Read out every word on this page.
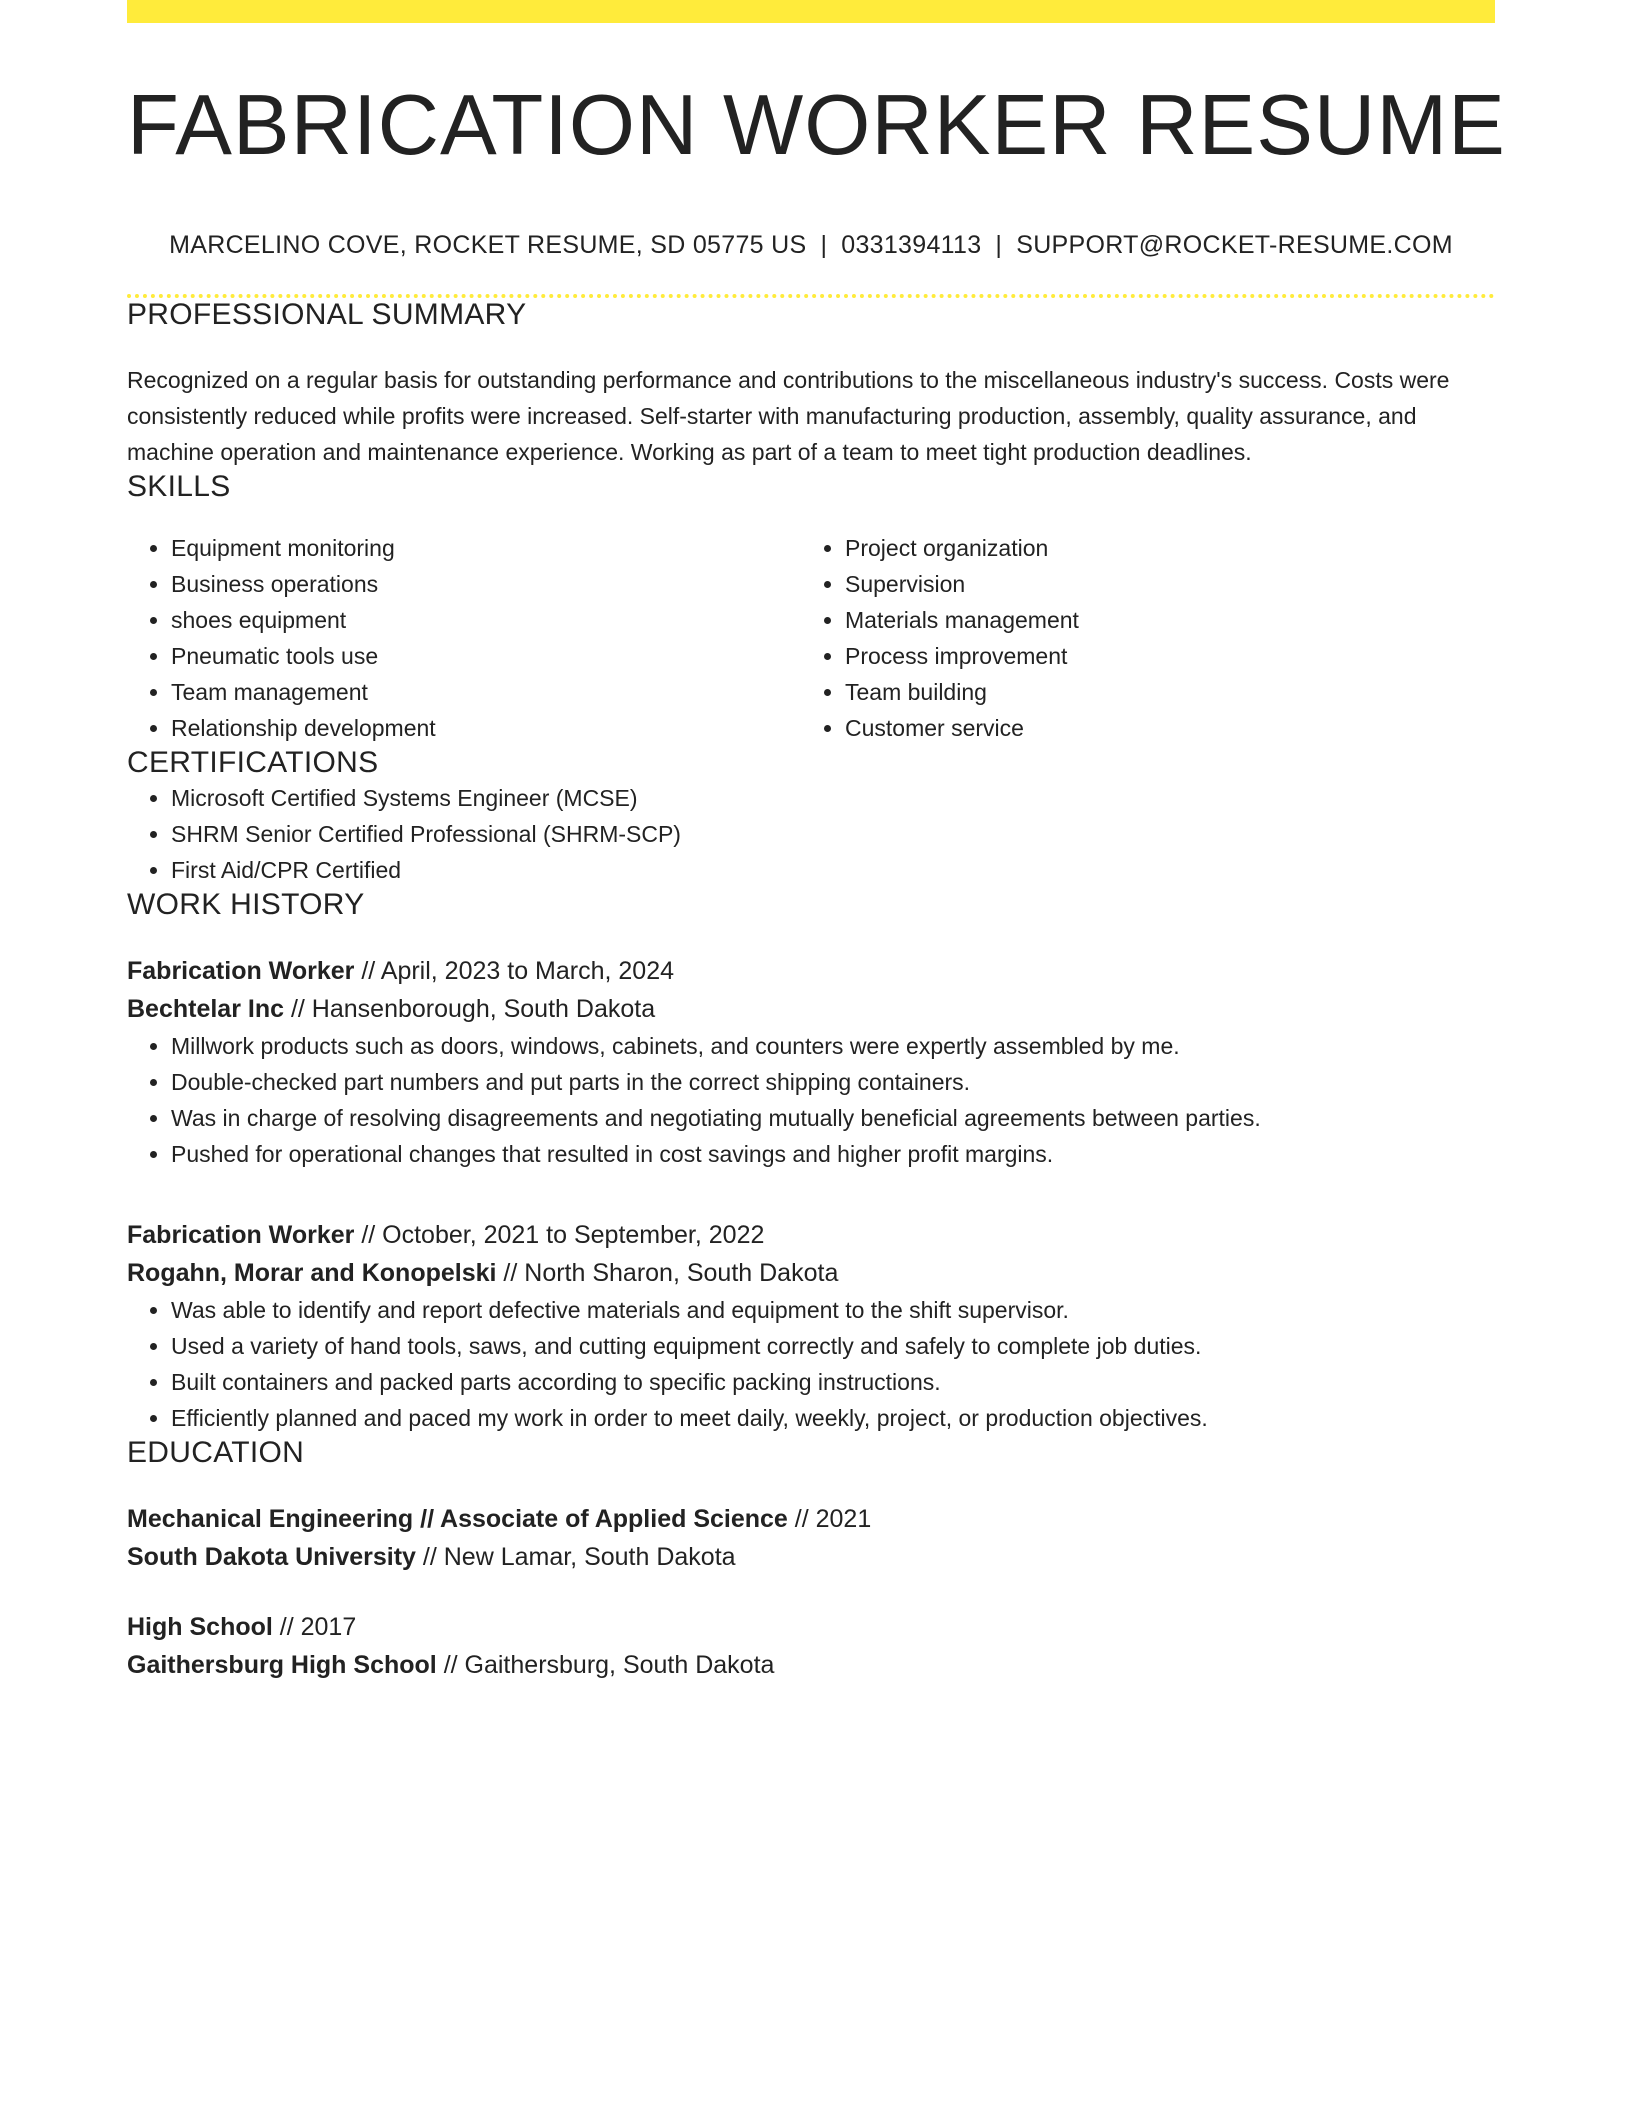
FABRICATION WORKER RESUME
MARCELINO COVE, ROCKET RESUME, SD 05775 US | 0331394113 | SUPPORT@ROCKET-RESUME.COM
PROFESSIONAL SUMMARY

Recognized on a regular basis for outstanding performance and contributions to the miscellaneous industry's success. Costs were consistently reduced while profits were increased. Self-starter with manufacturing production, assembly, quality assurance, and machine operation and maintenance experience. Working as part of a team to meet tight production deadlines.

SKILLS
• Equipment monitoring
• Business operations
• shoes equipment
• Pneumatic tools use
• Team management
• Relationship development
• Project organization
• Supervision
• Materials management
• Process improvement
• Team building
• Customer service
CERTIFICATIONS
• Microsoft Certified Systems Engineer (MCSE)
• SHRM Senior Certified Professional (SHRM-SCP)
• First Aid/CPR Certified
WORK HISTORY
Fabrication Worker // April, 2023 to March, 2024
Bechtelar Inc // Hansenborough, South Dakota
• Millwork products such as doors, windows, cabinets, and counters were expertly assembled by me.
• Double-checked part numbers and put parts in the correct shipping containers.
• Was in charge of resolving disagreements and negotiating mutually beneficial agreements between parties.
• Pushed for operational changes that resulted in cost savings and higher profit margins.
Fabrication Worker // October, 2021 to September, 2022
Rogahn, Morar and Konopelski // North Sharon, South Dakota
• Was able to identify and report defective materials and equipment to the shift supervisor.
• Used a variety of hand tools, saws, and cutting equipment correctly and safely to complete job duties.
• Built containers and packed parts according to specific packing instructions.
• Efficiently planned and paced my work in order to meet daily, weekly, project, or production objectives.
EDUCATION
Mechanical Engineering // Associate of Applied Science // 2021
South Dakota University // New Lamar, South Dakota
High School // 2017
Gaithersburg High School // Gaithersburg, South Dakota
